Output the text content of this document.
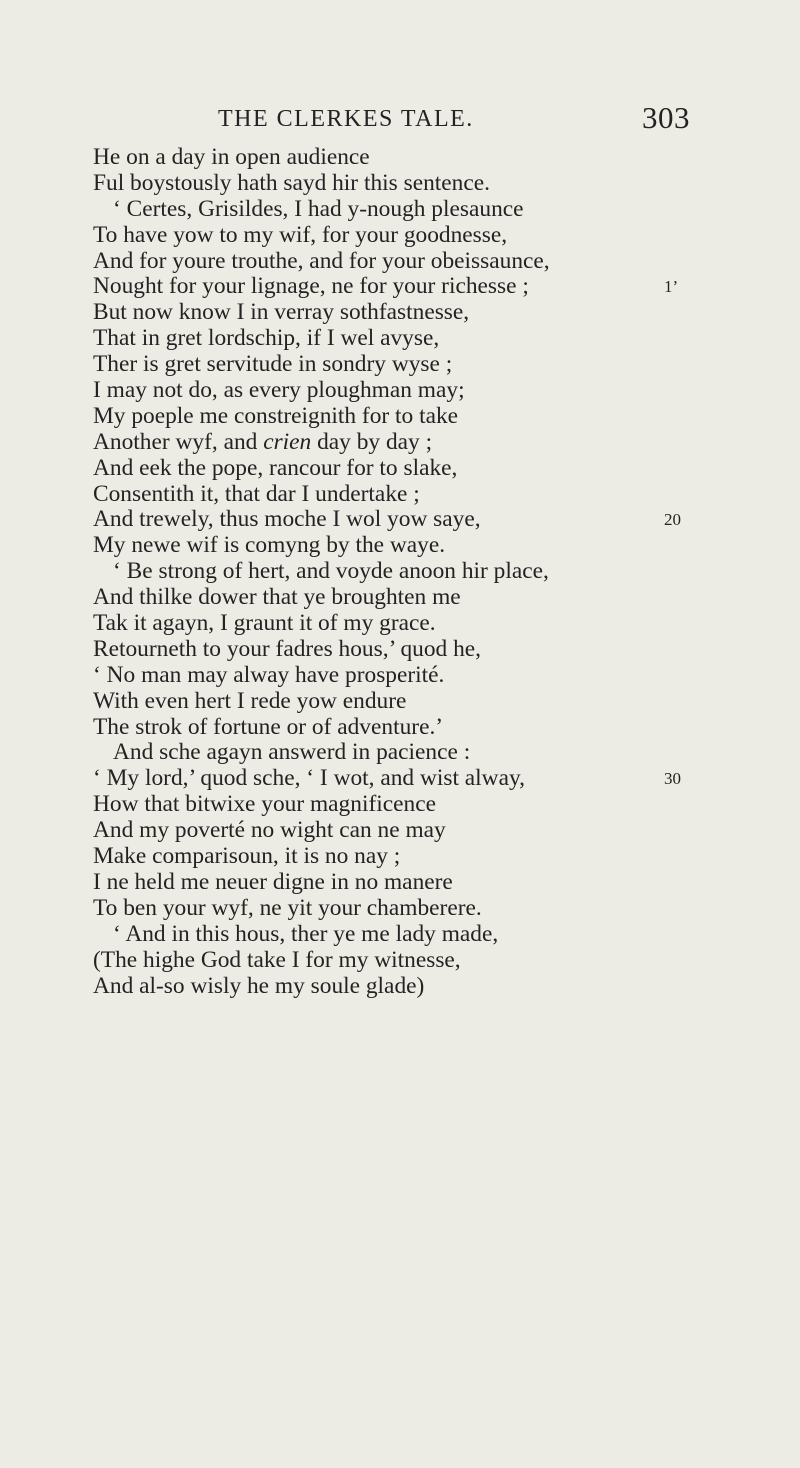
THE CLERKES TALE.	303
He on a day in open audience
Ful boystously hath sayd hir this sentence.
‘ Certes, Grisildes, I had y-nough plesaunce
To have yow to my wif, for your goodnesse,
And for youre trouthe, and for your obeissaunce,
Nought for your lignage, ne for your richesse ;	1’
But now know I in verray sothfastnesse,
That in gret lordschip, if I wel avyse,
Ther is gret servitude in sondry wyse ;
I may not do, as every ploughman may;
My poeple me constreignith for to take
Another wyf, and crien day by day ;
And eek the pope, rancour for to slake,
Consentith it, that dar I undertake ;
And trewely, thus moche I wol yow saye,	20
My newe wif is comyng by the waye.
‘ Be strong of hert, and voyde anoon hir place,
And thilke dower that ye broughten me
Tak it agayn, I graunt it of my grace.
Retourneth to your fadres hous,’ quod he,
‘ No man may alway have prosperité.
With even hert I rede yow endure
The strok of fortune or of adventure.’
And sche agayn answerd in pacience :
‘ My lord,’ quod sche, ‘ I wot, and wist alway,	30
How that bitwixe your magnificence
And my poverté no wight can ne may
Make comparisoun, it is no nay ;
I ne held me neuer digne in no manere
To ben your wyf, ne yit your chamberere.
‘ And in this hous, ther ye me lady made,
(The highe God take I for my witnesse,
And al-so wisly he my soule glade)
